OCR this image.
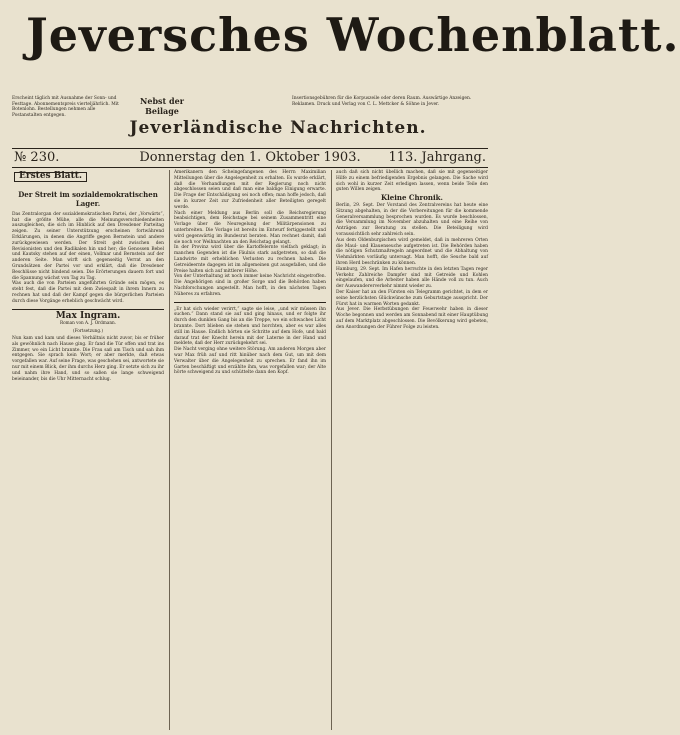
Jeversches Wochenblatt.
Erscheint täglich mit Ausnahme der Sonn- und Festtage. Abonnementspreis vierteljährlich. Mit Botenlohn. Bestellungen nehmen alle Postanstalten entgegen.
Nebst der Beilage
Insertionsgebühren für die Korpuszeile oder deren Raum. Auswärtige Anzeigen. Reklamen. Druck und Verlag von C. L. Mettcker & Söhne in Jever.
Jeverländische Nachrichten.
№ 230.	Donnerstag den 1. Oktober 1903.	113. Jahrgang.
Erstes Blatt.
Der Streit im sozialdemokratischen Lager.

Das Zentralorgan der sozialdemokratischen Partei, der „Vorwärts“, hat die größte Mühe, alle die Meinungsverschiedenheiten auszugleichen, die sich im Hinblick auf den Dresdener Parteitag zeigen. Zu seiner Unterstützung erscheinen fortwährend Erklärungen, in denen die Angriffe gegen Bernstein und andere zurückgewiesen werden. Der Streit geht zwischen den Revisionisten und den Radikalen hin und her; die Genossen Bebel und Kautsky stehen auf der einen, Vollmar und Bernstein auf der anderen Seite. Man wirft sich gegenseitig Verrat an den Grundsätzen der Partei vor und erklärt, daß die Dresdener Beschlüsse nicht bindend seien. Die Erörterungen dauern fort und die Spannung wächst von Tag zu Tag.

Was auch die von Parteien angeführten Gründe sein mögen, es steht fest, daß die Partei mit dem Zwiespalt in ihrem Innern zu rechnen hat und daß der Kampf gegen die bürgerlichen Parteien durch diese Vorgänge erheblich geschwächt wird.

Max Ingram.
Roman von A. J. Ordmann.
(Fortsetzung.)

Nun kam und kam und dieses Verhältnis nicht zuvor, bis er früher als gewöhnlich nach Hause ging. Er fand die Tür offen und trat ins Zimmer, wo ein Licht brannte. Die Frau saß am Tisch und sah ihm entgegen. Sie sprach kein Wort; er aber merkte, daß etwas vorgefallen war. Auf seine Frage, was geschehen sei, antwortete sie nur mit einem Blick, der ihm durchs Herz ging. Er setzte sich zu ihr und nahm ihre Hand, und so saßen sie lange schweigend beieinander, bis die Uhr Mitternacht schlug.

Amerikanern den Scheingefangenen des Herrn Maximilian Mitteilungen über die Angelegenheit zu erhalten. Es wurde erklärt, daß die Verhandlungen mit der Regierung noch nicht abgeschlossen seien und daß man eine baldige Einigung erwarte. Die Frage der Entschädigung sei noch offen; man hoffe jedoch, daß sie in kurzer Zeit zur Zufriedenheit aller Beteiligten geregelt werde.

Nach einer Meldung aus Berlin soll die Reichsregierung beabsichtigen, dem Reichstage bei seinem Zusammentritt eine Vorlage über die Neuregelung der Militärpensionen zu unterbreiten. Die Vorlage ist bereits im Entwurf fertiggestellt und wird gegenwärtig im Bundesrat beraten. Man rechnet damit, daß sie noch vor Weihnachten an den Reichstag gelangt.

In der Provinz wird über die Kartoffelernte vielfach geklagt; in manchen Gegenden ist die Fäulnis stark aufgetreten, so daß die Landwirte mit erheblichen Verlusten zu rechnen haben. Die Getreideernte dagegen ist im allgemeinen gut ausgefallen, und die Preise halten sich auf mittlerer Höhe.

Von der Unterhaltung ist noch immer keine Nachricht eingetroffen. Die Angehörigen sind in großer Sorge und die Behörden haben Nachforschungen angestellt. Man hofft, in den nächsten Tagen Näheres zu erfahren.

„Er hat sich wieder verirrt,“ sagte sie leise, „und wir müssen ihn suchen.“ Dann stand sie auf und ging hinaus, und er folgte ihr durch den dunklen Gang bis an die Treppe, wo ein schwaches Licht brannte. Dort blieben sie stehen und horchten, aber es war alles still im Hause. Endlich hörten sie Schritte auf dem Hofe, und bald darauf trat der Knecht herein mit der Laterne in der Hand und meldete, daß der Herr zurückgekehrt sei.

Die Nacht verging ohne weitere Störung. Am anderen Morgen aber war Max früh auf und ritt hinüber nach dem Gut, um mit dem Verwalter über die Angelegenheit zu sprechen. Er fand ihn im Garten beschäftigt und erzählte ihm, was vorgefallen war; der Alte hörte schweigend zu und schüttelte dann den Kopf.

auch daß sich nicht übellich machen, daß sie mit gegenseitiger Hilfe zu einem befriedigenden Ergebnis gelangen. Die Sache wird sich wohl in kurzer Zeit erledigen lassen, wenn beide Teile den guten Willen zeigen.

Kleine Chronik.

Berlin, 29. Sept. Der Vorstand des Zentralvereins hat heute eine Sitzung abgehalten, in der die Vorbereitungen für die kommende Generalversammlung besprochen wurden. Es wurde beschlossen, die Versammlung im November abzuhalten und eine Reihe von Anträgen zur Beratung zu stellen. Die Beteiligung wird voraussichtlich sehr zahlreich sein.

Aus dem Oldenburgischen wird gemeldet, daß in mehreren Orten die Maul- und Klauenseuche aufgetreten ist. Die Behörden haben die nötigen Schutzmaßregeln angeordnet und die Abhaltung von Viehmärkten vorläufig untersagt. Man hofft, die Seuche bald auf ihren Herd beschränken zu können.

Hamburg, 29. Sept. Im Hafen herrschte in den letzten Tagen reger Verkehr. Zahlreiche Dampfer sind mit Getreide und Kohlen eingelaufen, und die Arbeiter haben alle Hände voll zu tun. Auch der Auswandererverkehr nimmt wieder zu.

Der Kaiser hat an den Fürsten ein Telegramm gerichtet, in dem er seine herzlichsten Glückwünsche zum Geburtstage ausspricht. Der Fürst hat in warmen Worten gedankt.

Aus Jever. Die Herbstübungen der Feuerwehr haben in dieser Woche begonnen und werden am Sonnabend mit einer Hauptübung auf dem Marktplatz abgeschlossen. Die Bevölkerung wird gebeten, den Anordnungen der Führer Folge zu leisten.
